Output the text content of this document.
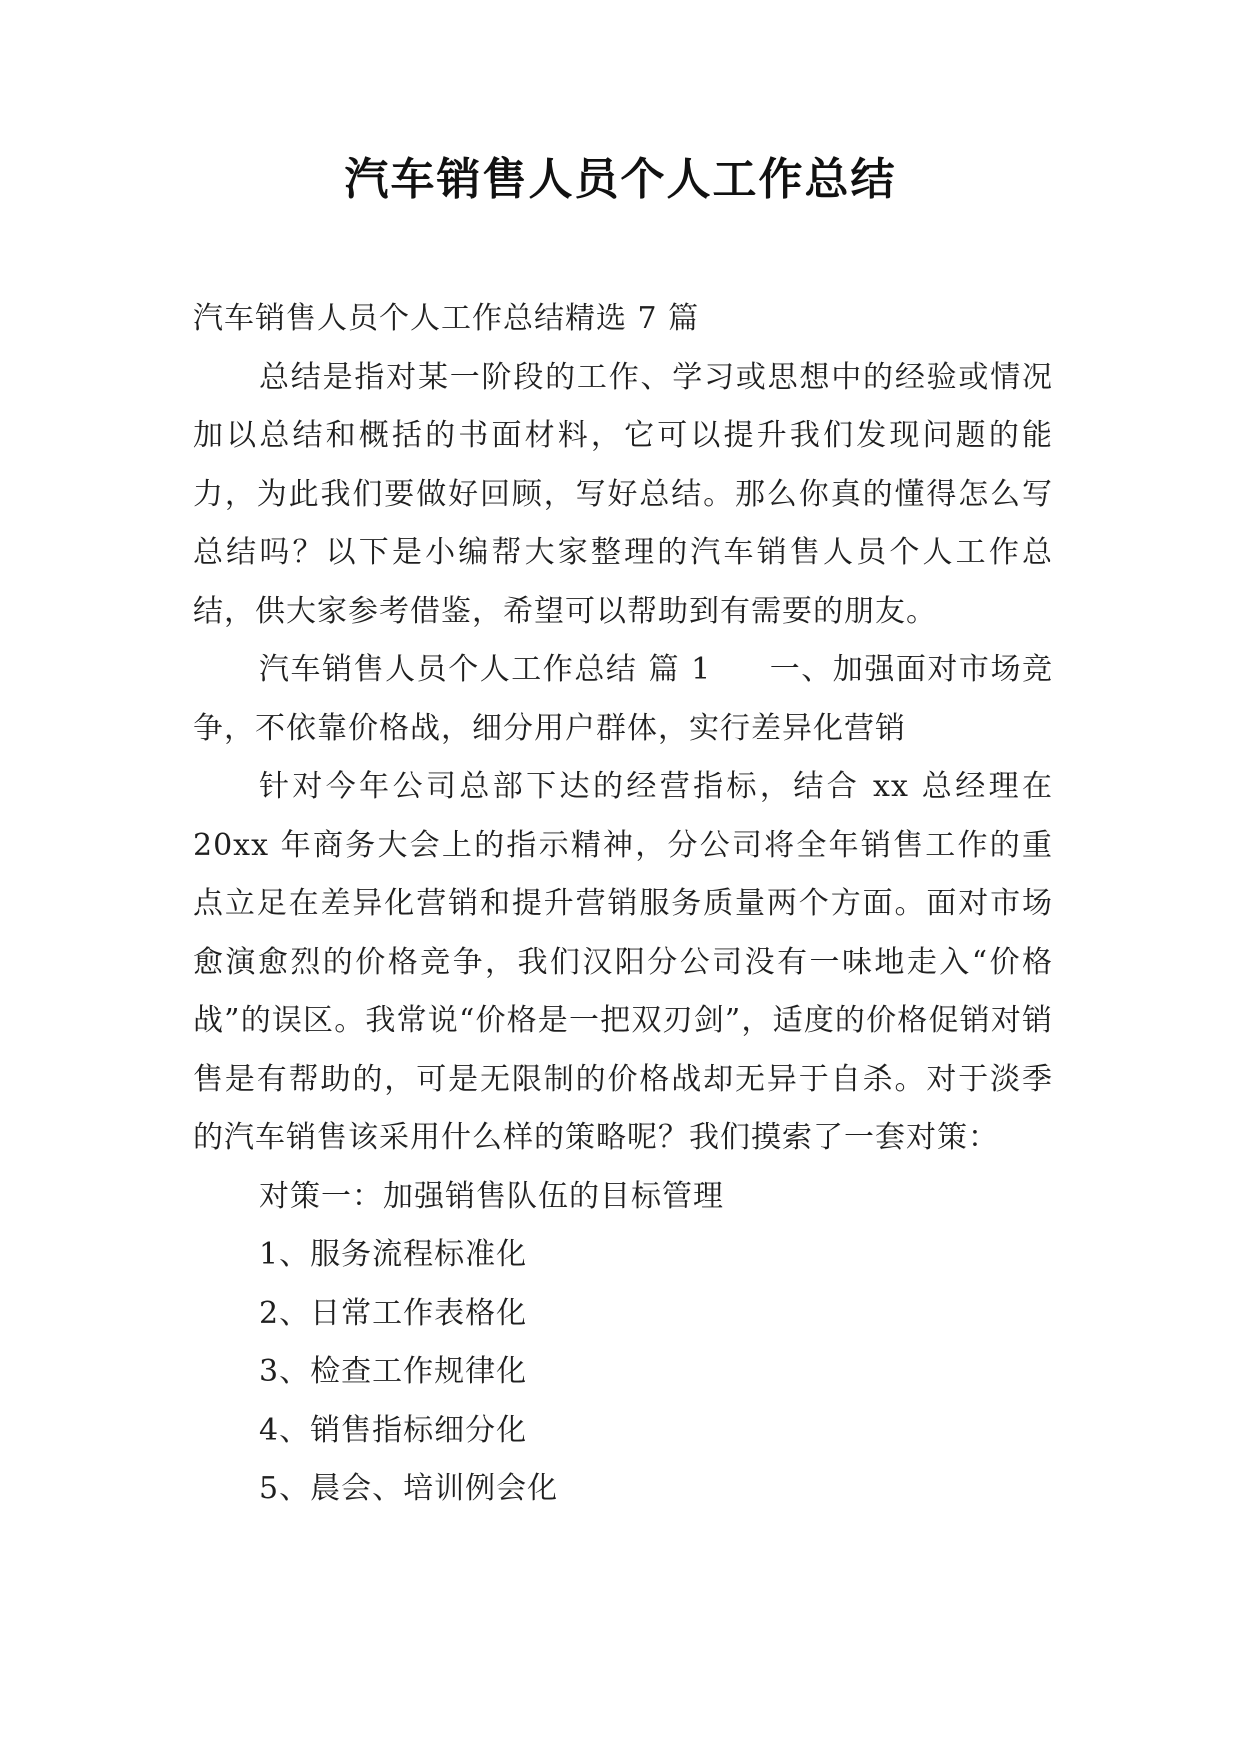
汽车销售人员个人工作总结

汽车销售人员个人工作总结精选 7 篇

总结是指对某一阶段的工作、学习或思想中的经验或情况加以总结和概括的书面材料，它可以提升我们发现问题的能力，为此我们要做好回顾，写好总结。那么你真的懂得怎么写总结吗？以下是小编帮大家整理的汽车销售人员个人工作总结，供大家参考借鉴，希望可以帮助到有需要的朋友。

汽车销售人员个人工作总结 篇 1 一、加强面对市场竞争，不依靠价格战，细分用户群体，实行差异化营销

针对今年公司总部下达的经营指标，结合 xx 总经理在 20xx 年商务大会上的指示精神，分公司将全年销售工作的重点立足在差异化营销和提升营销服务质量两个方面。面对市场愈演愈烈的价格竞争，我们汉阳分公司没有一味地走入“价格战”的误区。我常说“价格是一把双刃剑”，适度的价格促销对销售是有帮助的，可是无限制的价格战却无异于自杀。对于淡季的汽车销售该采用什么样的策略呢？我们摸索了一套对策：

对策一：加强销售队伍的目标管理

1、服务流程标准化

2、日常工作表格化

3、检查工作规律化

4、销售指标细分化

5、晨会、培训例会化
